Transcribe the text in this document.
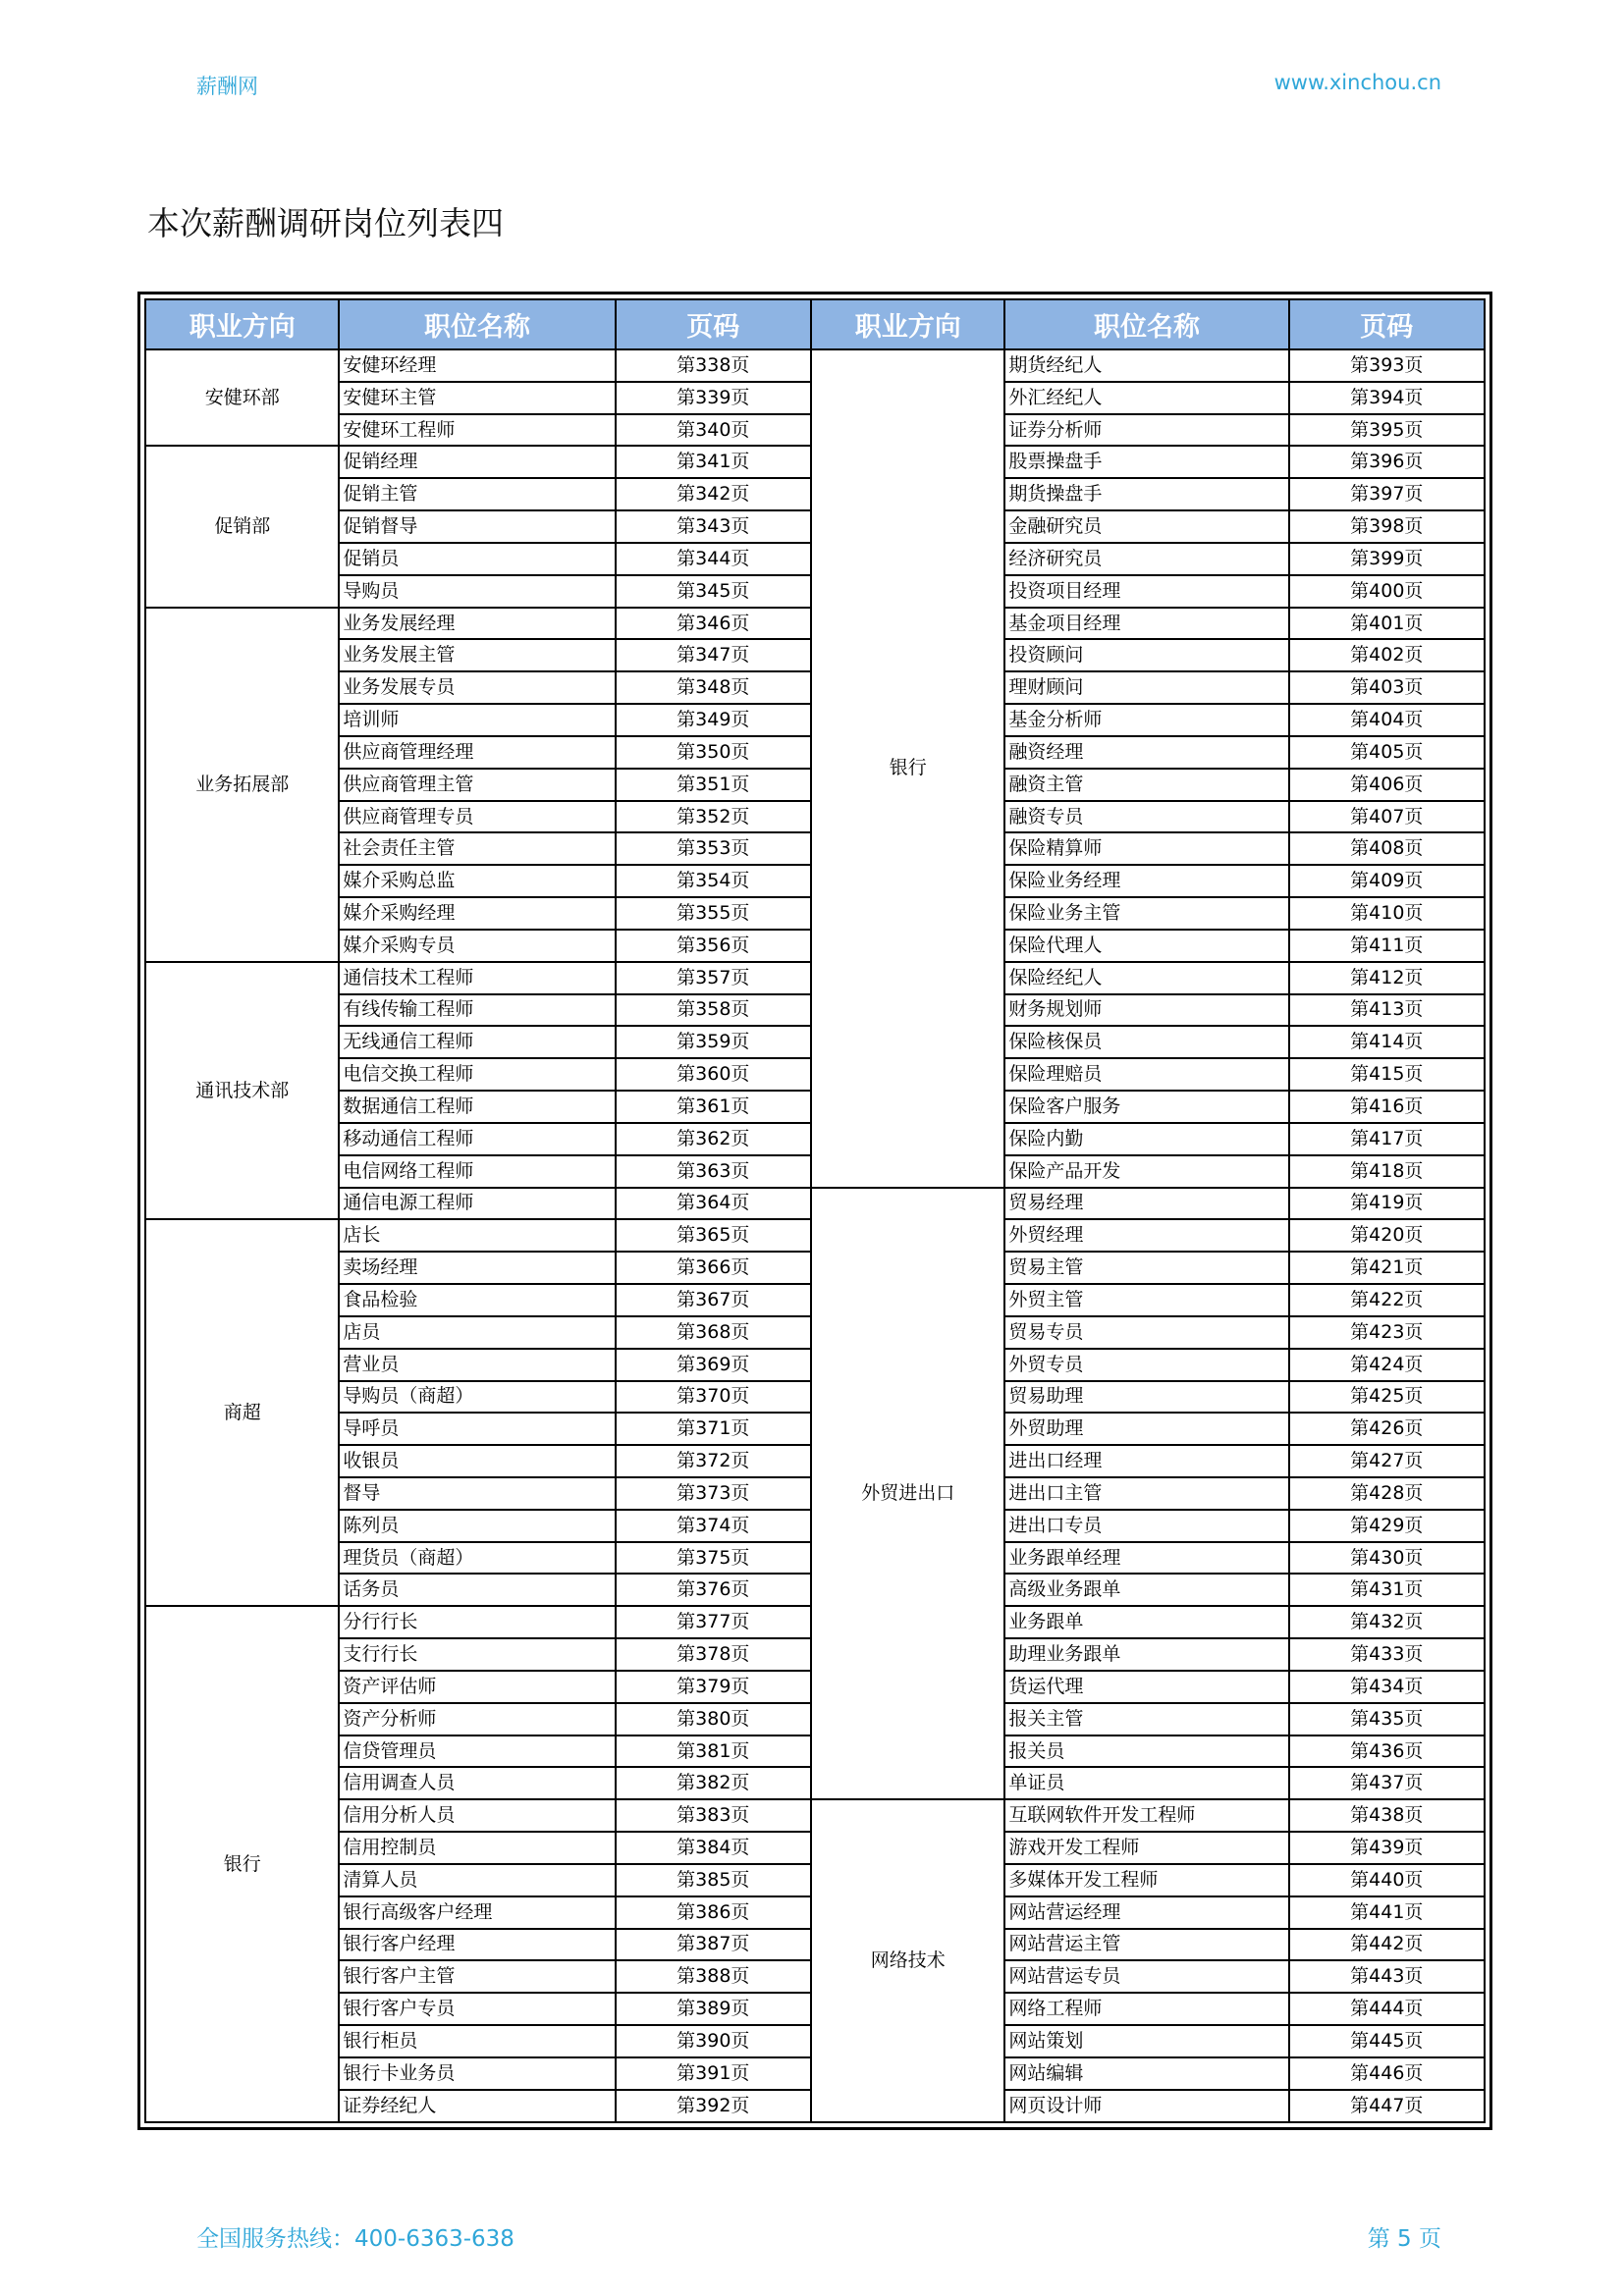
薪酬网	www.xinchou.cn
本次薪酬调研岗位列表四
职业方向	职位名称	页码	职业方向	职位名称	页码
安健环部	安健环经理	第338页	银行	期货经纪人	第393页
	安健环主管	第339页		外汇经纪人	第394页
	安健环工程师	第340页		证券分析师	第395页
促销部	促销经理	第341页		股票操盘手	第396页
	促销主管	第342页		期货操盘手	第397页
	促销督导	第343页		金融研究员	第398页
	促销员	第344页		经济研究员	第399页
	导购员	第345页		投资项目经理	第400页
业务拓展部	业务发展经理	第346页		基金项目经理	第401页
	业务发展主管	第347页		投资顾问	第402页
	业务发展专员	第348页		理财顾问	第403页
	培训师	第349页		基金分析师	第404页
	供应商管理经理	第350页		融资经理	第405页
	供应商管理主管	第351页		融资主管	第406页
	供应商管理专员	第352页		融资专员	第407页
	社会责任主管	第353页		保险精算师	第408页
	媒介采购总监	第354页		保险业务经理	第409页
	媒介采购经理	第355页		保险业务主管	第410页
	媒介采购专员	第356页		保险代理人	第411页
通讯技术部	通信技术工程师	第357页		保险经纪人	第412页
	有线传输工程师	第358页		财务规划师	第413页
	无线通信工程师	第359页		保险核保员	第414页
	电信交换工程师	第360页		保险理赔员	第415页
	数据通信工程师	第361页		保险客户服务	第416页
	移动通信工程师	第362页		保险内勤	第417页
	电信网络工程师	第363页		保险产品开发	第418页
	通信电源工程师	第364页	外贸进出口	贸易经理	第419页
商超	店长	第365页		外贸经理	第420页
	卖场经理	第366页		贸易主管	第421页
	食品检验	第367页		外贸主管	第422页
	店员	第368页		贸易专员	第423页
	营业员	第369页		外贸专员	第424页
	导购员（商超）	第370页		贸易助理	第425页
	导呼员	第371页		外贸助理	第426页
	收银员	第372页		进出口经理	第427页
	督导	第373页		进出口主管	第428页
	陈列员	第374页		进出口专员	第429页
	理货员（商超）	第375页		业务跟单经理	第430页
	话务员	第376页		高级业务跟单	第431页
银行	分行行长	第377页		业务跟单	第432页
	支行行长	第378页		助理业务跟单	第433页
	资产评估师	第379页		货运代理	第434页
	资产分析师	第380页		报关主管	第435页
	信贷管理员	第381页		报关员	第436页
	信用调查人员	第382页		单证员	第437页
	信用分析人员	第383页	网络技术	互联网软件开发工程师	第438页
	信用控制员	第384页		游戏开发工程师	第439页
	清算人员	第385页		多媒体开发工程师	第440页
	银行高级客户经理	第386页		网站营运经理	第441页
	银行客户经理	第387页		网站营运主管	第442页
	银行客户主管	第388页		网站营运专员	第443页
	银行客户专员	第389页		网络工程师	第444页
	银行柜员	第390页		网站策划	第445页
	银行卡业务员	第391页		网站编辑	第446页
	证券经纪人	第392页		网页设计师	第447页
全国服务热线：400-6363-638	第 5 页
